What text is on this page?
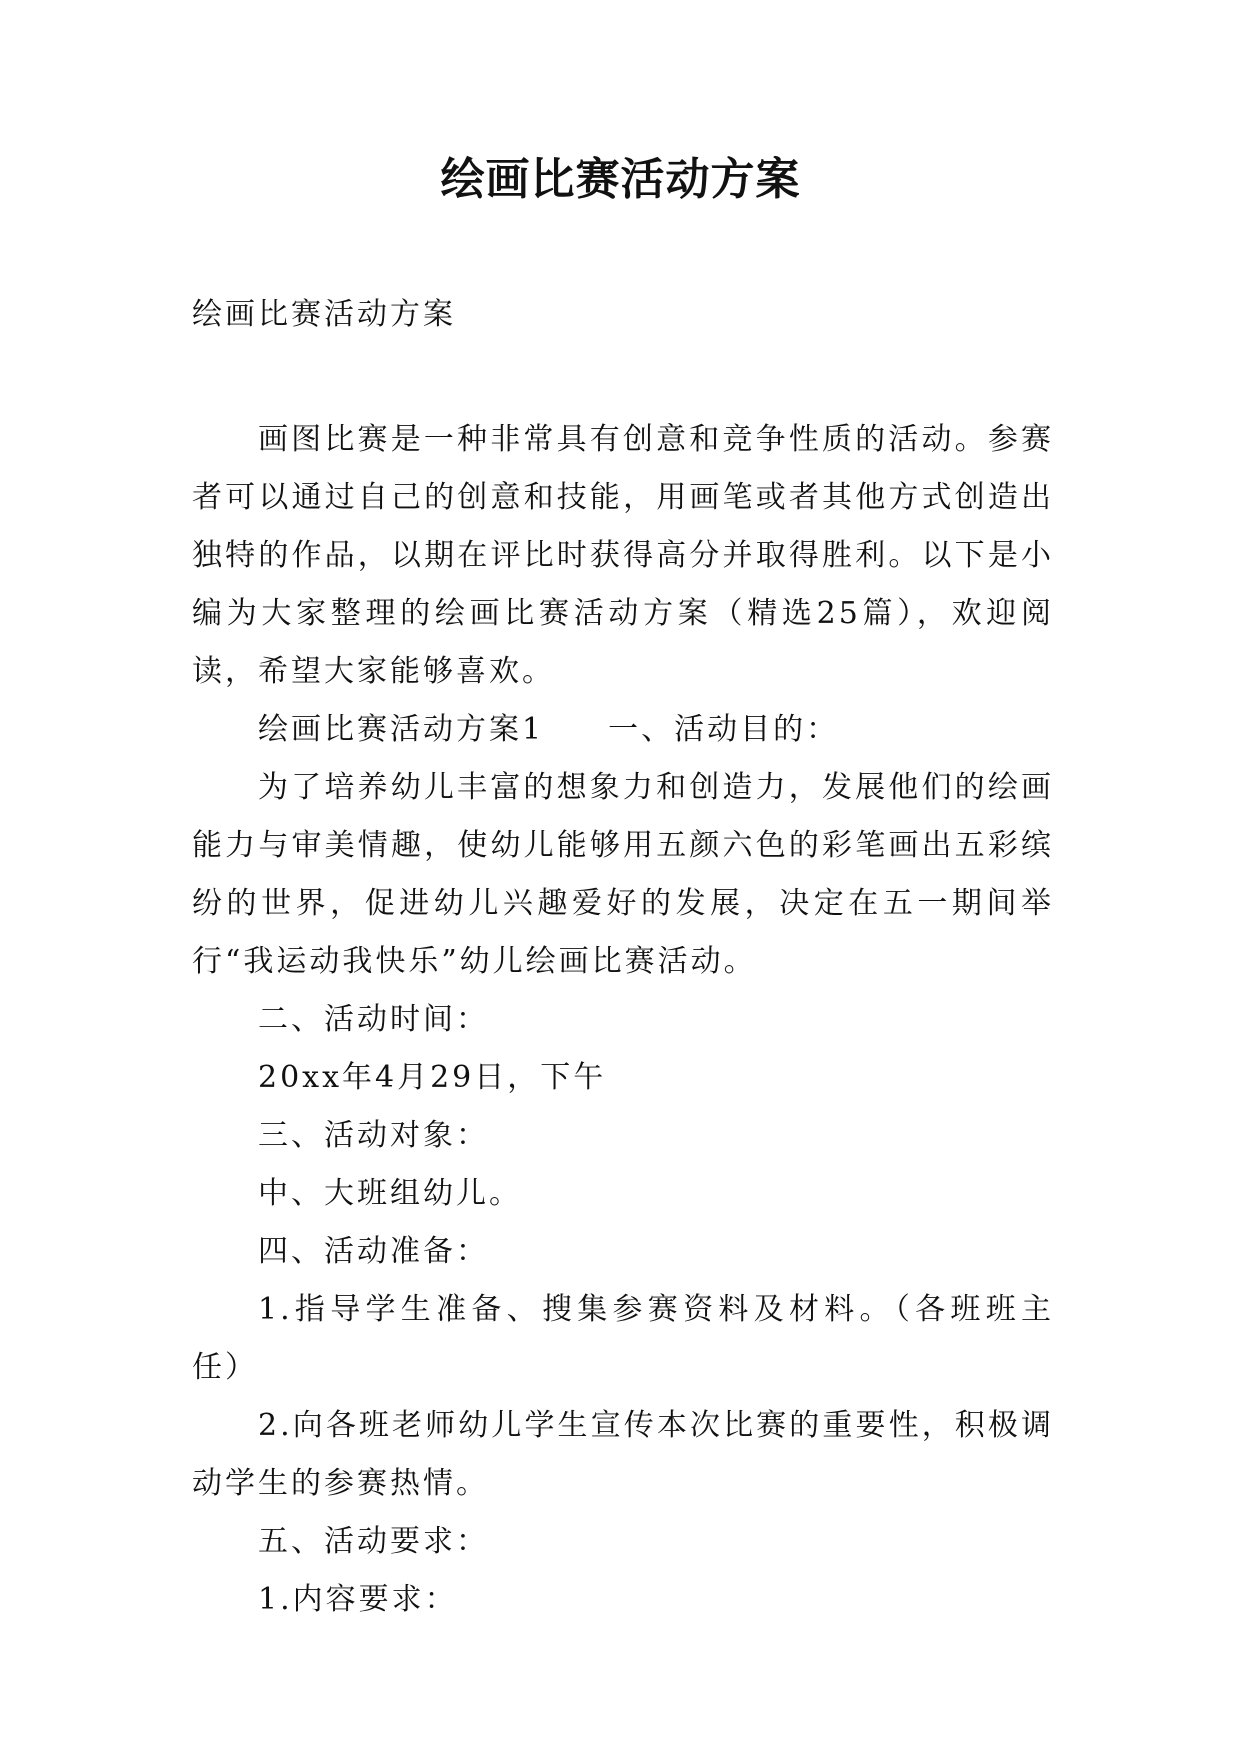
绘画比赛活动方案
绘画比赛活动方案

画图比赛是一种非常具有创意和竞争性质的活动。参赛者可以通过自己的创意和技能，用画笔或者其他方式创造出独特的作品，以期在评比时获得高分并取得胜利。以下是小编为大家整理的绘画比赛活动方案（精选25篇），欢迎阅读，希望大家能够喜欢。

绘画比赛活动方案1 一、活动目的：

为了培养幼儿丰富的想象力和创造力，发展他们的绘画能力与审美情趣，使幼儿能够用五颜六色的彩笔画出五彩缤纷的世界，促进幼儿兴趣爱好的发展，决定在五一期间举行“我运动我快乐”幼儿绘画比赛活动。

二、活动时间：

20xx年4月29日，下午

三、活动对象：

中、大班组幼儿。

四、活动准备：

1.指导学生准备、搜集参赛资料及材料。（各班班主任）

2.向各班老师幼儿学生宣传本次比赛的重要性，积极调动学生的参赛热情。

五、活动要求：

1.内容要求：
